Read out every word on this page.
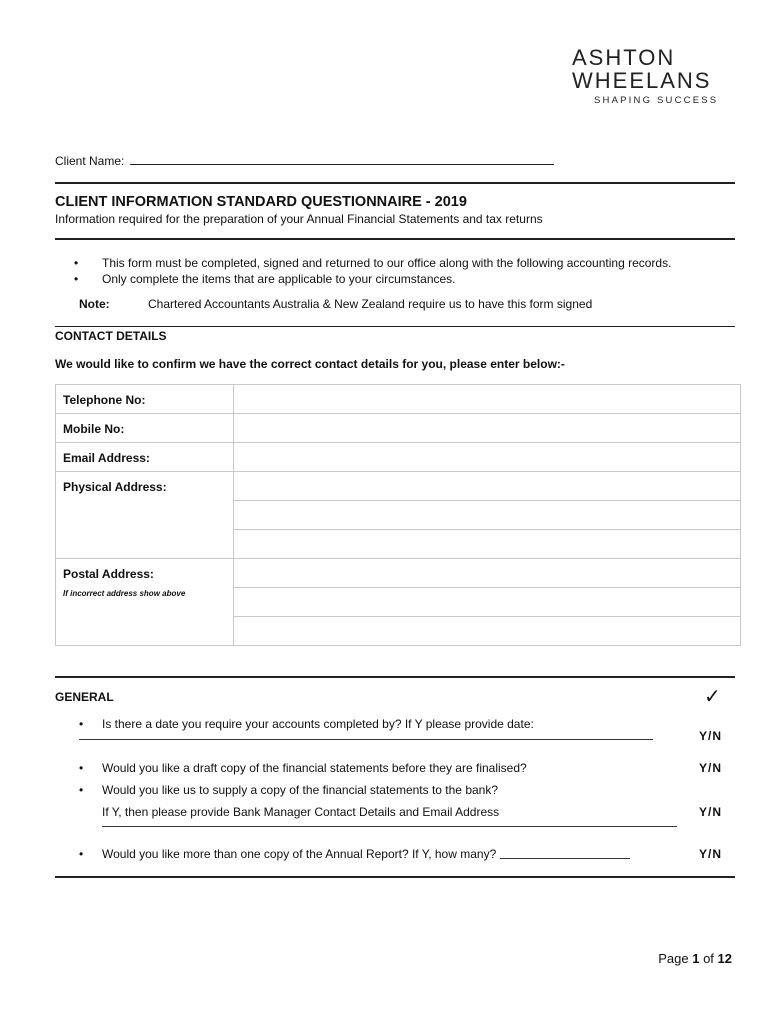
ASHTON
WHEELANS
SHAPING SUCCESS
Client Name:
CLIENT INFORMATION STANDARD QUESTIONNAIRE - 2019
Information required for the preparation of your Annual Financial Statements and tax returns
•	This form must be completed, signed and returned to our office along with the following accounting records.
•	Only complete the items that are applicable to your circumstances.
Note:	Chartered Accountants Australia & New Zealand require us to have this form signed
CONTACT DETAILS
We would like to confirm we have the correct contact details for you, please enter below:-
Telephone No:	
Mobile No:	
Email Address:	
Physical Address:	

Postal Address:
If incorrect address show above	

GENERAL	✓
•	Is there a date you require your accounts completed by? If Y please provide date:
Y/N
•	Would you like a draft copy of the financial statements before they are finalised?	Y/N
•	Would you like us to supply a copy of the financial statements to the bank?
If Y, then please provide Bank Manager Contact Details and Email Address	Y/N
•	Would you like more than one copy of the Annual Report? If Y, how many?	Y/N
Page 1 of 12
